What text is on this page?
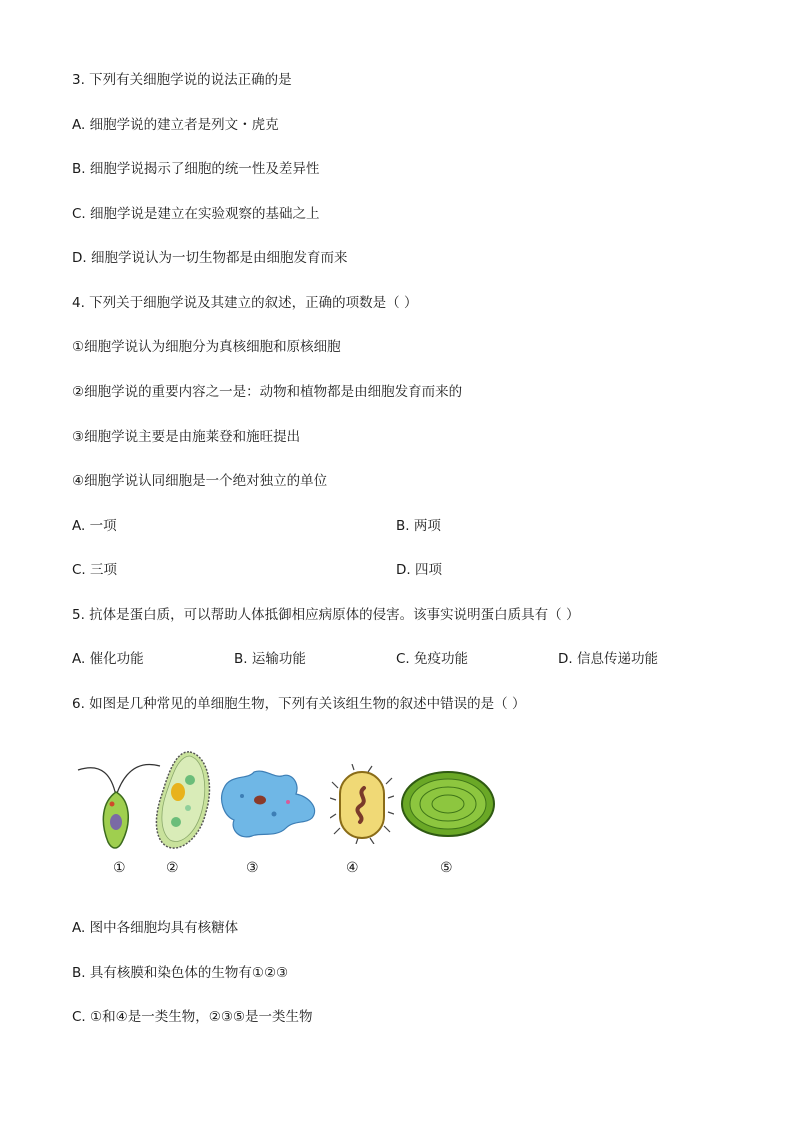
3. 下列有关细胞学说的说法正确的是
A. 细胞学说的建立者是列文・虎克
B. 细胞学说揭示了细胞的统一性及差异性
C. 细胞学说是建立在实验观察的基础之上
D. 细胞学说认为一切生物都是由细胞发育而来
4. 下列关于细胞学说及其建立的叙述，正确的项数是（ ）
①细胞学说认为细胞分为真核细胞和原核细胞
②细胞学说的重要内容之一是：动物和植物都是由细胞发育而来的
③细胞学说主要是由施莱登和施旺提出
④细胞学说认同细胞是一个绝对独立的单位
A. 一项	B. 两项
C. 三项	D. 四项
5. 抗体是蛋白质，可以帮助人体抵御相应病原体的侵害。该事实说明蛋白质具有（ ）
A. 催化功能	B. 运输功能	C. 免疫功能	D. 信息传递功能
6. 如图是几种常见的单细胞生物，下列有关该组生物的叙述中错误的是（ ）
①	②	③	④	⑤
A. 图中各细胞均具有核糖体
B. 具有核膜和染色体的生物有①②③
C. ①和④是一类生物，②③⑤是一类生物
